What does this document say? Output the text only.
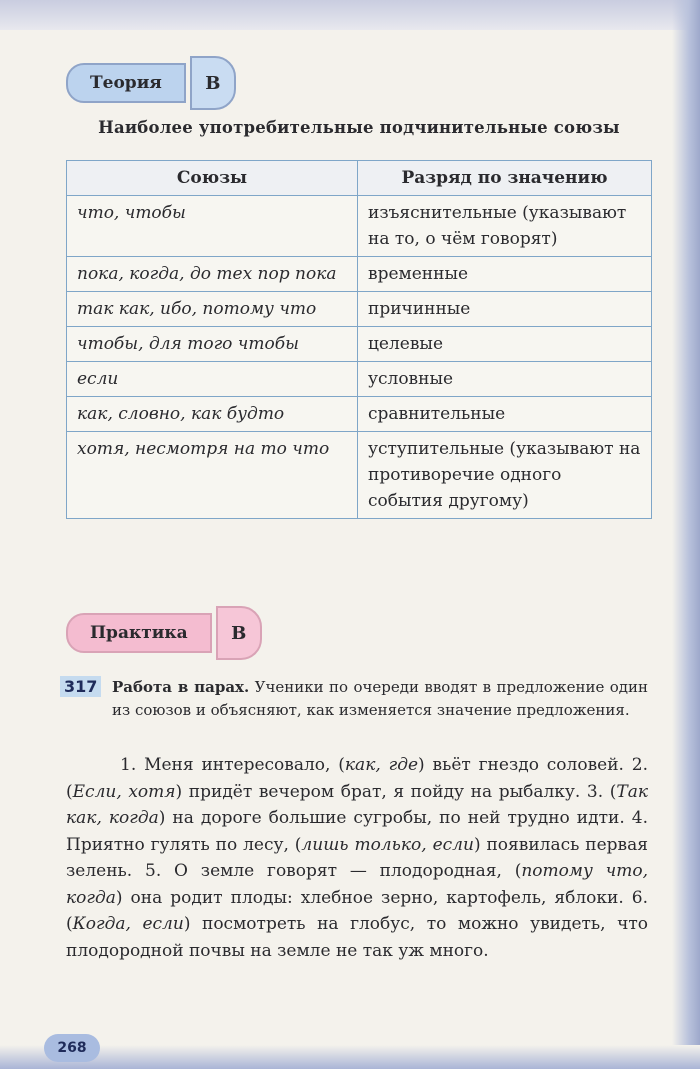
Теория	В
Наиболее употребительные подчинительные союзы
Союзы	Разряд по значению
что, чтобы	изъяснительные (указывают на то, о чём говорят)
пока, когда, до тех пор пока	временные
так как, ибо, потому что	причинные
чтобы, для того чтобы	целевые
если	условные
как, словно, как будто	сравнительные
хотя, несмотря на то что	уступительные (указывают на противоречие одного события другому)
Практика	В
317 Работа в парах. Ученики по очереди вводят в предложение один из союзов и объясняют, как изменяется значение предложения.
1. Меня интересовало, (как, где) вьёт гнездо соловей. 2. (Если, хотя) придёт вечером брат, я пойду на рыбалку. 3. (Так как, когда) на дороге большие сугробы, по ней трудно идти. 4. Приятно гулять по лесу, (лишь только, если) появилась первая зелень. 5. О земле говорят — плодородная, (потому что, когда) она родит плоды: хлебное зерно, картофель, яблоки. 6. (Когда, если) посмотреть на глобус, то можно увидеть, что плодородной почвы на земле не так уж много.
268
